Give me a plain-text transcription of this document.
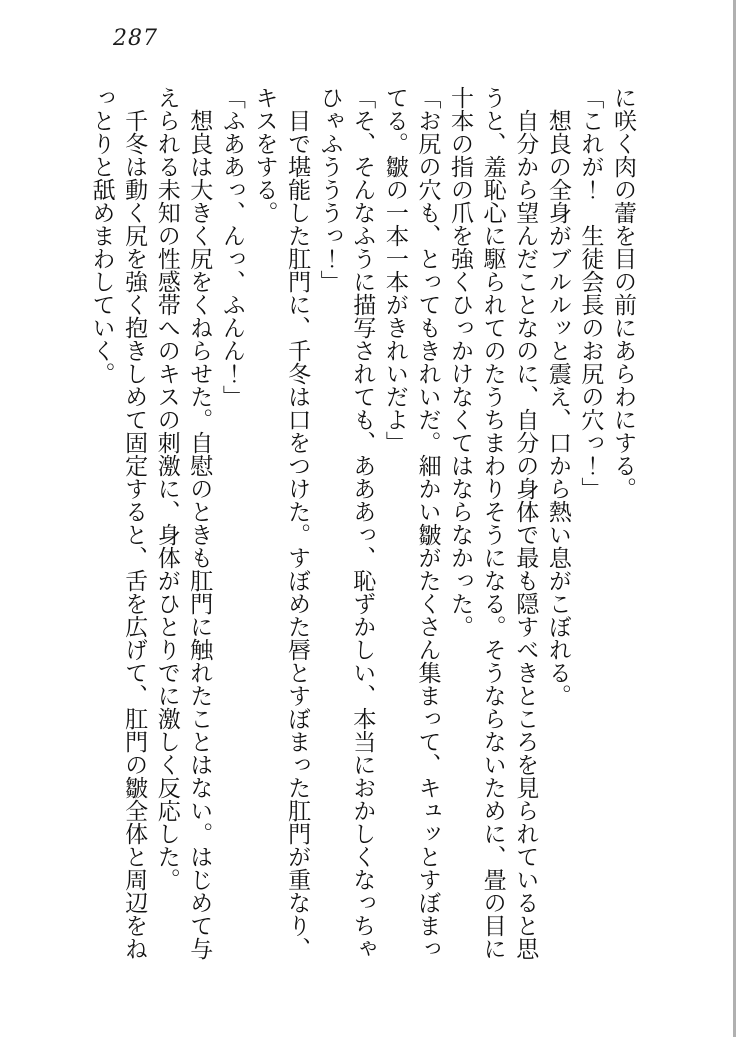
287

に咲く肉の蕾を目の前にあらわにする。

「これが！　生徒会長のお尻の穴っ！」

想良の全身がブルルッと震え、口から熱い息がこぼれる。

自分から望んだことなのに、自分の身体で最も隠すべきところを見られていると思うと、羞恥心に駆られてのたうちまわりそうになる。そうならないために、畳の目に十本の指の爪を強くひっかけなくてはならなかった。

「お尻の穴も、とってもきれいだ。細かい皺がたくさん集まって、キュッとすぼまってる。皺の一本一本がきれいだよ」

「そ、そんなふうに描写されても、あああっ、恥ずかしい、本当におかしくなっちゃひゃふうううっ！」

目で堪能した肛門に、千冬は口をつけた。すぼめた唇とすぼまった肛門が重なり、キスをする。

「ふああっ、んっ、ふんん！」

想良は大きく尻をくねらせた。自慰のときも肛門に触れたことはない。はじめて与えられる未知の性感帯へのキスの刺激に、身体がひとりでに激しく反応した。

千冬は動く尻を強く抱きしめて固定すると、舌を広げて、肛門の皺全体と周辺をねっとりと舐めまわしていく。
